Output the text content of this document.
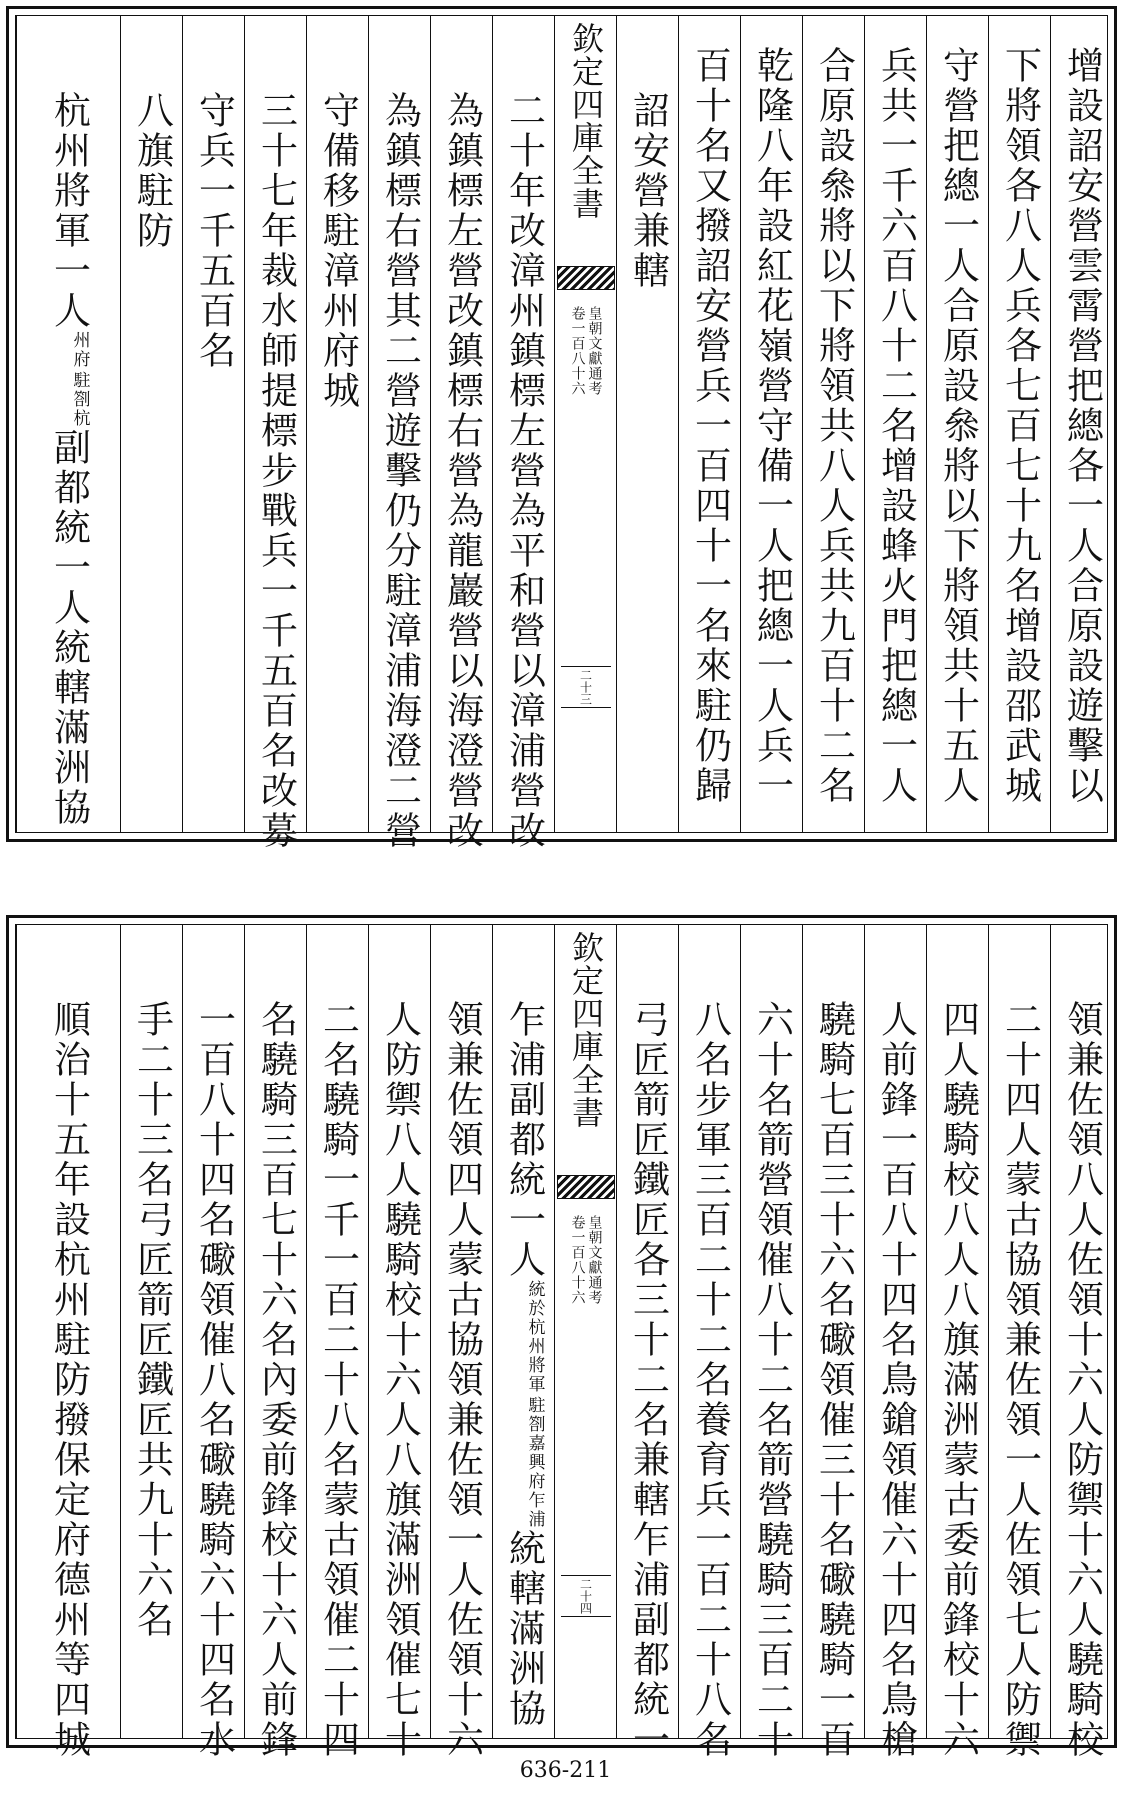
增設詔安營雲霄營把總各一人合原設遊擊以
下將領各八人兵各七百七十九名增設邵武城
守營把總一人合原設叅將以下將領共十五人
兵共一千六百八十二名增設蜂火門把總一人
合原設叅將以下將領共八人兵共九百十二名
乾隆八年設紅花嶺營守備一人把總一人兵一
百十名又撥詔安營兵一百四十一名來駐仍歸
詔安營兼轄
欽定四庫全書
皇朝文獻通考
卷一百八十六
二十三
二十年改漳州鎮標左營為平和營以漳浦營改
為鎮標左營改鎮標右營為龍巖營以海澄營改
為鎮標右營其二營遊擊仍分駐漳浦海澄二營
守備移駐漳州府城
三十七年裁水師提標步戰兵一千五百名改募
守兵一千五百名
八旗駐防
杭州將軍一人
駐劄杭
州府
副都統一人統轄滿洲協
領兼佐領八人佐領十六人防禦十六人驍騎校
二十四人蒙古協領兼佐領一人佐領七人防禦
四人驍騎校八人八旗滿洲蒙古委前鋒校十六
人前鋒一百八十四名鳥鎗領催六十四名鳥槍
驍騎七百三十六名礮領催三十名礮驍騎一百
六十名箭營領催八十二名箭營驍騎三百二十
八名步軍三百二十二名養育兵一百二十八名
弓匠箭匠鐵匠各三十二名兼轄乍浦副都統一
欽定四庫全書
皇朝文獻通考
卷一百八十六
二十四
乍浦副都統一人
駐劄嘉興府乍浦
統於杭州將軍
統轄滿洲協
領兼佐領四人蒙古協領兼佐領一人佐領十六
人防禦八人驍騎校十六人八旗滿洲領催七十
二名驍騎一千一百二十八名蒙古領催二十四
名驍騎三百七十六名內委前鋒校十六人前鋒
一百八十四名礮領催八名礮驍騎六十四名水
手二十三名弓匠箭匠鐵匠共九十六名
順治十五年設杭州駐防撥保定府德州等四城
636-211
